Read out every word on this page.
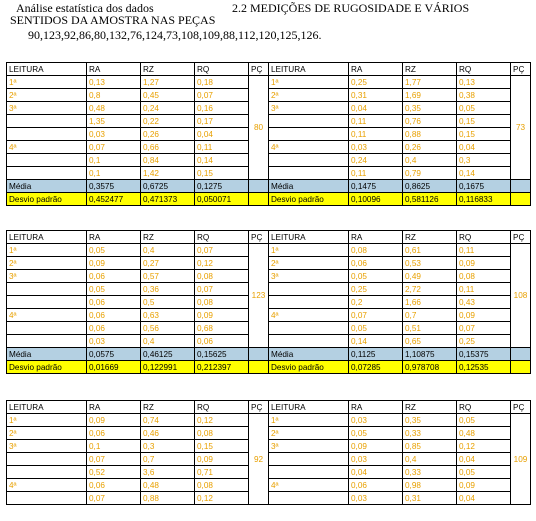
Análise estatística dos dados	2.2 MEDIÇÕES DE RUGOSIDADE E VÁRIOS
SENTIDOS DA AMOSTRA NAS PEÇAS
90,123,92,86,80,132,76,124,73,108,109,88,112,120,125,126.
LEITURA	RA	RZ	RQ	PÇ
1ª	0,13	1,27	0,18	80
2ª	0,8	0,45	0,07	
3ª	0,48	0,24	0,16	
	1,35	0,22	0,17	
	0,03	0,26	0,04	
4ª	0,07	0,66	0,11	
	0,1	0,84	0,14	
	0,1	1,42	0,15	
Média	0,3575	0,6725	0,1275	
Desvio padrão	0,452477	0,471373	0,050071	
LEITURA	RA	RZ	RQ	PÇ
1ª	0,25	1,77	0,13	73
2ª	0,31	1,69	0,38	
3ª	0,04	0,35	0,05	
	0,11	0,76	0,15	
	0,11	0,88	0,15	
4ª	0,03	0,26	0,04	
	0,24	0,4	0,3	
	0,11	0,79	0,14	
Média	0,1475	0,8625	0,1675	
Desvio padrão	0,10096	0,581126	0,116833	
LEITURA	RA	RZ	RQ	PÇ
1ª	0,05	0,4	0,07	123
2ª	0,09	0,27	0,12	
3ª	0,06	0,57	0,08	
	0,05	0,36	0,07	
	0,06	0,5	0,08	
4ª	0,06	0,63	0,09	
	0,06	0,56	0,68	
	0,03	0,4	0,06	
Média	0,0575	0,46125	0,15625	
Desvio padrão	0,01669	0,122991	0,212397	
LEITURA	RA	RZ	RQ	PÇ
1ª	0,08	0,61	0,11	108
2ª	0,06	0,53	0,09	
3ª	0,05	0,49	0,08	
	0,25	2,72	0,11	
	0,2	1,66	0,43	
4ª	0,07	0,7	0,09	
	0,05	0,51	0,07	
	0,14	0,65	0,25	
Média	0,1125	1,10875	0,15375	
Desvio padrão	0,07285	0,978708	0,12535	
LEITURA	RA	RZ	RQ	PÇ
1ª	0,09	0,74	0,12	92
2ª	0,06	0,46	0,08	
3ª	0,1	0,3	0,15	
	0,07	0,7	0,09	
	0,52	3,6	0,71	
4ª	0,06	0,48	0,08	
	0,07	0,88	0,12	
LEITURA	RA	RZ	RQ	PÇ
1ª	0,03	0,35	0,05	109
2ª	0,05	0,33	0,48	
3ª	0,09	0,85	0,12	
	0,03	0,4	0,04	
	0,04	0,33	0,05	
4ª	0,06	0,98	0,09	
	0,03	0,31	0,04	
